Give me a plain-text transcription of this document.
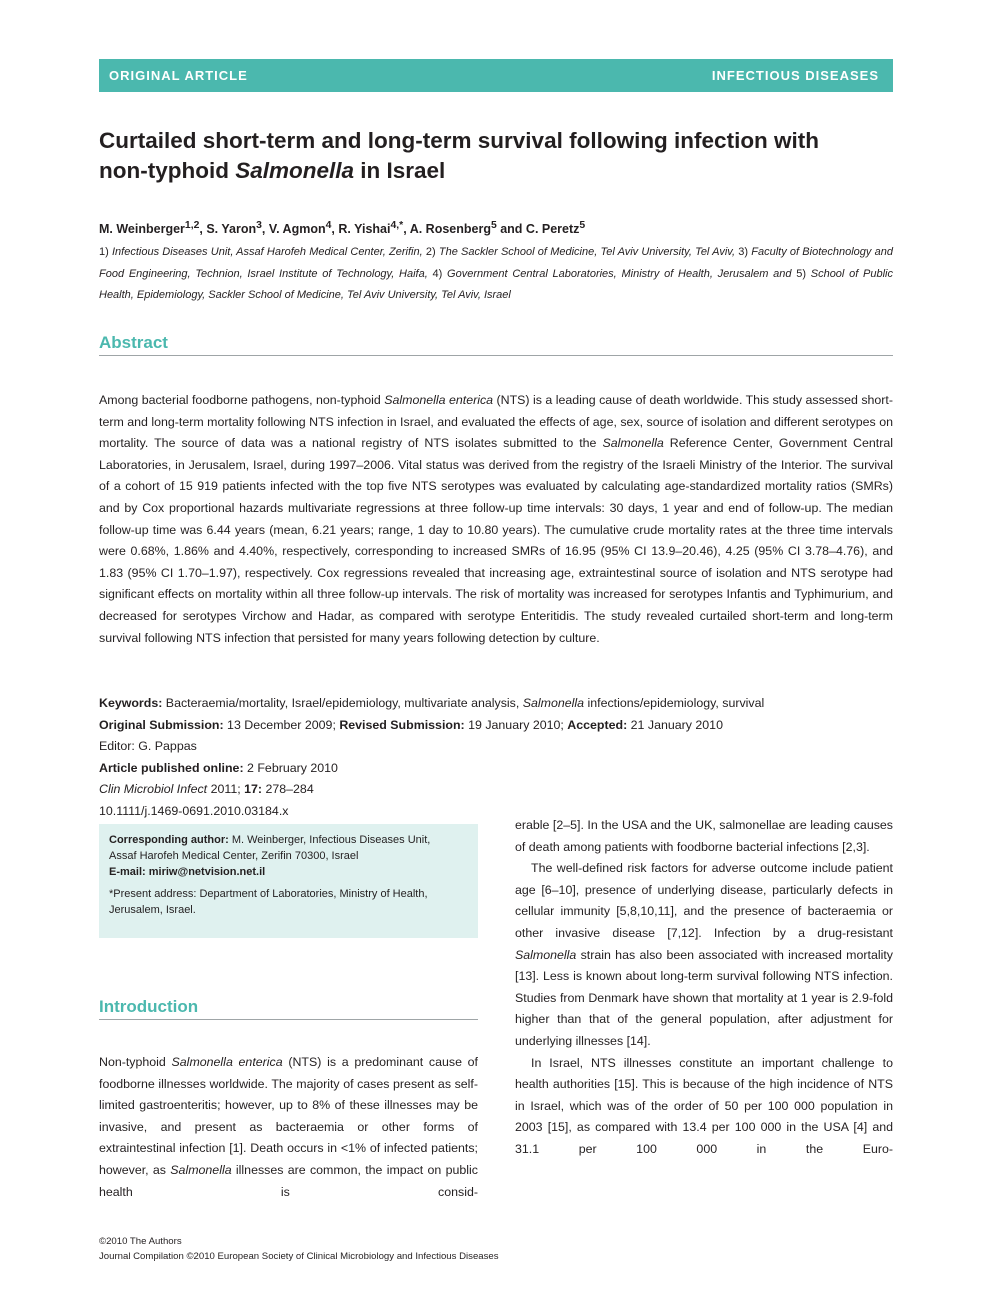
ORIGINAL ARTICLE	INFECTIOUS DISEASES
Curtailed short-term and long-term survival following infection with
non-typhoid Salmonella in Israel
M. Weinberger$^{1,2}$, S. Yaron$^3$, V. Agmon$^4$, R. Yishai$^{4,*}$, A. Rosenberg$^5$ and C. Peretz$^5$
1) Infectious Diseases Unit, Assaf Harofeh Medical Center, Zerifin, 2) The Sackler School of Medicine, Tel Aviv University, Tel Aviv, 3) Faculty of Biotechnology and Food Engineering, Technion, Israel Institute of Technology, Haifa, 4) Government Central Laboratories, Ministry of Health, Jerusalem and 5) School of Public Health, Epidemiology, Sackler School of Medicine, Tel Aviv University, Tel Aviv, Israel
Abstract

Among bacterial foodborne pathogens, non-typhoid Salmonella enterica (NTS) is a leading cause of death worldwide. This study assessed short-term and long-term mortality following NTS infection in Israel, and evaluated the effects of age, sex, source of isolation and different serotypes on mortality. The source of data was a national registry of NTS isolates submitted to the Salmonella Reference Center, Government Central Laboratories, in Jerusalem, Israel, during 1997–2006. Vital status was derived from the registry of the Israeli Ministry of the Interior. The survival of a cohort of 15 919 patients infected with the top five NTS serotypes was evaluated by calculating age-standardized mortality ratios (SMRs) and by Cox proportional hazards multivariate regressions at three follow-up time intervals: 30 days, 1 year and end of follow-up. The median follow-up time was 6.44 years (mean, 6.21 years; range, 1 day to 10.80 years). The cumulative crude mortality rates at the three time intervals were 0.68%, 1.86% and 4.40%, respectively, corresponding to increased SMRs of 16.95 (95% CI 13.9–20.46), 4.25 (95% CI 3.78–4.76), and 1.83 (95% CI 1.70–1.97), respectively. Cox regressions revealed that increasing age, extraintestinal source of isolation and NTS serotype had significant effects on mortality within all three follow-up intervals. The risk of mortality was increased for serotypes Infantis and Typhimurium, and decreased for serotypes Virchow and Hadar, as compared with serotype Enteritidis. The study revealed curtailed short-term and long-term survival following NTS infection that persisted for many years following detection by culture.

Keywords: Bacteraemia/mortality, Israel/epidemiology, multivariate analysis, Salmonella infections/epidemiology, survival
Original Submission: 13 December 2009; Revised Submission: 19 January 2010; Accepted: 21 January 2010
Editor: G. Pappas
Article published online: 2 February 2010
Clin Microbiol Infect 2011; 17: 278–284
10.1111/j.1469-0691.2010.03184.x
Corresponding author: M. Weinberger, Infectious Diseases Unit,
Assaf Harofeh Medical Center, Zerifin 70300, Israel
E-mail: miriw@netvision.net.il
*Present address: Department of Laboratories, Ministry of Health,
Jerusalem, Israel.
Introduction

Non-typhoid Salmonella enterica (NTS) is a predominant cause of foodborne illnesses worldwide. The majority of cases present as self-limited gastroenteritis; however, up to 8% of these illnesses may be invasive, and present as bacteraemia or other forms of extraintestinal infection [1]. Death occurs in <1% of infected patients; however, as Salmonella illnesses are common, the impact on public health is consid-

erable [2–5]. In the USA and the UK, salmonellae are leading causes of death among patients with foodborne bacterial infections [2,3].

The well-defined risk factors for adverse outcome include patient age [6–10], presence of underlying disease, particularly defects in cellular immunity [5,8,10,11], and the presence of bacteraemia or other invasive disease [7,12]. Infection by a drug-resistant Salmonella strain has also been associated with increased mortality [13]. Less is known about long-term survival following NTS infection. Studies from Denmark have shown that mortality at 1 year is 2.9-fold higher than that of the general population, after adjustment for underlying illnesses [14].

In Israel, NTS illnesses constitute an important challenge to health authorities [15]. This is because of the high incidence of NTS in Israel, which was of the order of 50 per 100 000 population in 2003 [15], as compared with 13.4 per 100 000 in the USA [4] and 31.1 per 100 000 in the Euro-

©2010 The Authors
Journal Compilation ©2010 European Society of Clinical Microbiology and Infectious Diseases
